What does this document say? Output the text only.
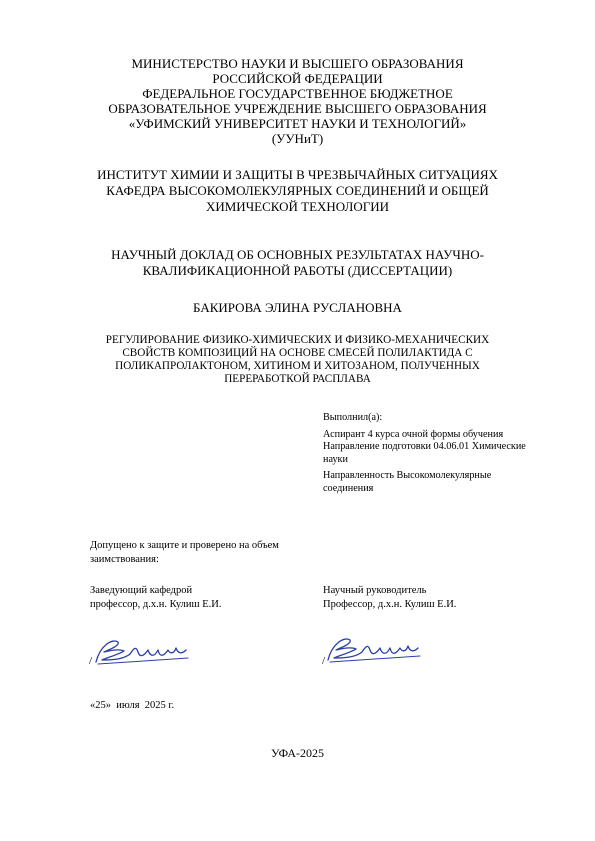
МИНИСТЕРСТВО НАУКИ И ВЫСШЕГО ОБРАЗОВАНИЯ
РОССИЙСКОЙ ФЕДЕРАЦИИ
ФЕДЕРАЛЬНОЕ ГОСУДАРСТВЕННОЕ БЮДЖЕТНОЕ
ОБРАЗОВАТЕЛЬНОЕ УЧРЕЖДЕНИЕ ВЫСШЕГО ОБРАЗОВАНИЯ
«УФИМСКИЙ УНИВЕРСИТЕТ НАУКИ И ТЕХНОЛОГИЙ»
(УУНиТ)
ИНСТИТУТ ХИМИИ И ЗАЩИТЫ В ЧРЕЗВЫЧАЙНЫХ СИТУАЦИЯХ
КАФЕДРА ВЫСОКОМОЛЕКУЛЯРНЫХ СОЕДИНЕНИЙ И ОБЩЕЙ
ХИМИЧЕСКОЙ ТЕХНОЛОГИИ
НАУЧНЫЙ ДОКЛАД ОБ ОСНОВНЫХ РЕЗУЛЬТАТАХ НАУЧНО-
КВАЛИФИКАЦИОННОЙ РАБОТЫ (ДИССЕРТАЦИИ)
БАКИРОВА ЭЛИНА РУСЛАНОВНА
РЕГУЛИРОВАНИЕ ФИЗИКО-ХИМИЧЕСКИХ И ФИЗИКО-МЕХАНИЧЕСКИХ
СВОЙСТВ КОМПОЗИЦИЙ НА ОСНОВЕ СМЕСЕЙ ПОЛИЛАКТИДА С
ПОЛИКАПРОЛАКТОНОМ, ХИТИНОМ И ХИТОЗАНОМ, ПОЛУЧЕННЫХ
ПЕРЕРАБОТКОЙ РАСПЛАВА
Выполнил(а):
Аспирант 4 курса очной формы обучения
Направление подготовки 04.06.01 Химические
науки
Направленность Высокомолекулярные
соединения
Допущено к защите и проверено на объем
заимствования:
Заведующий кафедрой
профессор, д.х.н. Кулиш Е.И.
Научный руководитель
Профессор, д.х.н. Кулиш Е.И.
/	/
«25»  июля  2025 г.
УФА-2025
